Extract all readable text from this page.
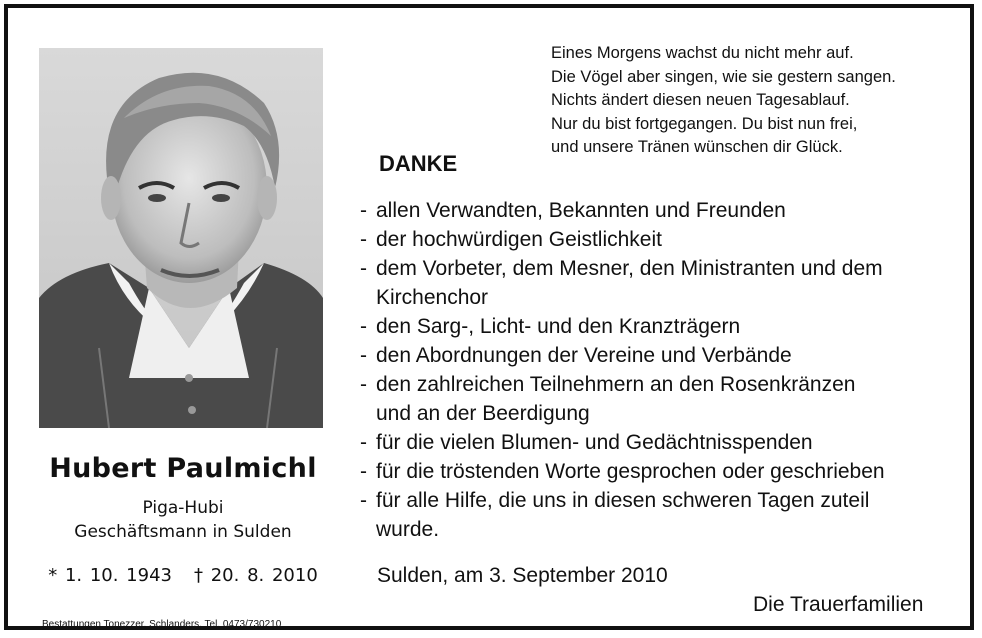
Hubert Paulmichl
Piga-Hubi
Geschäftsmann in Sulden
* 1. 10. 1943 † 20. 8. 2010
Bestattungen Tonezzer, Schlanders, Tel. 0473/730210
Eines Morgens wachst du nicht mehr auf.
Die Vögel aber singen, wie sie gestern sangen.
Nichts ändert diesen neuen Tagesablauf.
Nur du bist fortgegangen. Du bist nun frei,
und unsere Tränen wünschen dir Glück.
DANKE
- allen Verwandten, Bekannten und Freunden
- der hochwürdigen Geistlichkeit
- dem Vorbeter, dem Mesner, den Ministranten und dem
Kirchenchor
- den Sarg-, Licht- und den Kranzträgern
- den Abordnungen der Vereine und Verbände
- den zahlreichen Teilnehmern an den Rosenkränzen
und an der Beerdigung
- für die vielen Blumen- und Gedächtnisspenden
- für die tröstenden Worte gesprochen oder geschrieben
- für alle Hilfe, die uns in diesen schweren Tagen zuteil
wurde.
Sulden, am 3. September 2010
Die Trauerfamilien
